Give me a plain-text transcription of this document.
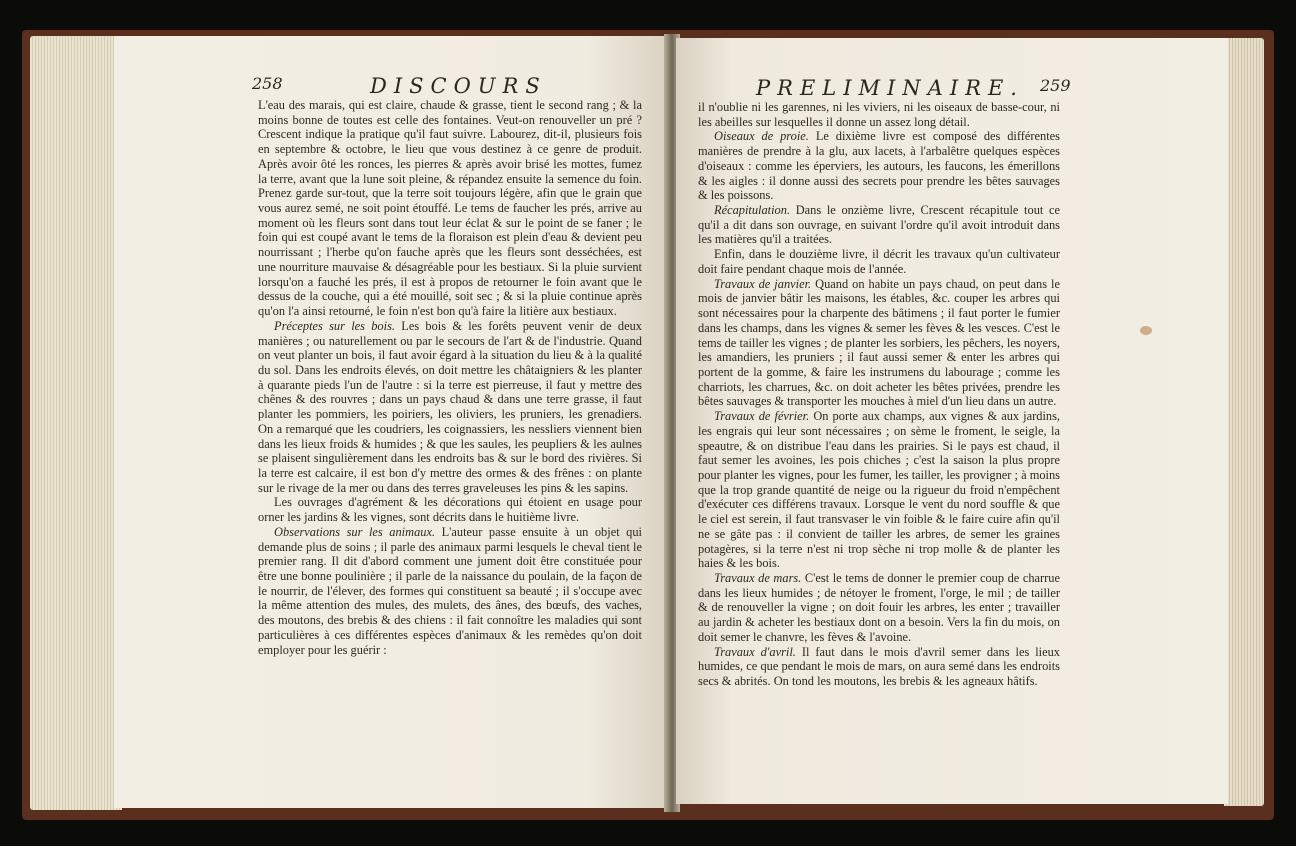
258	DISCOURS

L'eau des marais, qui est claire, chaude & grasse, tient le second rang ; & la moins bonne de toutes est celle des fontaines. Veut-on renouveller un pré ? Crescent indique la pratique qu'il faut suivre. Labourez, dit-il, plusieurs fois en septembre & octobre, le lieu que vous destinez à ce genre de produit. Après avoir ôté les ronces, les pierres & après avoir brisé les mottes, fumez la terre, avant que la lune soit pleine, & répandez ensuite la semence du foin. Prenez garde sur-tout, que la terre soit toujours légère, afin que le grain que vous aurez semé, ne soit point étouffé. Le tems de faucher les prés, arrive au moment où les fleurs sont dans tout leur éclat & sur le point de se faner ; le foin qui est coupé avant le tems de la floraison est plein d'eau & devient peu nourrissant ; l'herbe qu'on fauche après que les fleurs sont desséchées, est une nourriture mauvaise & désagréable pour les bestiaux. Si la pluie survient lorsqu'on a fauché les prés, il est à propos de retourner le foin avant que le dessus de la couche, qui a été mouillé, soit sec ; & si la pluie continue après qu'on l'a ainsi retourné, le foin n'est bon qu'à faire la litière aux bestiaux.

Préceptes sur les bois. Les bois & les forêts peuvent venir de deux manières ; ou naturellement ou par le secours de l'art & de l'industrie. Quand on veut planter un bois, il faut avoir égard à la situation du lieu & à la qualité du sol. Dans les endroits élevés, on doit mettre les châtaigniers & les planter à quarante pieds l'un de l'autre : si la terre est pierreuse, il faut y mettre des chênes & des rouvres ; dans un pays chaud & dans une terre grasse, il faut planter les pommiers, les poiriers, les oliviers, les pruniers, les grenadiers. On a remarqué que les coudriers, les coignassiers, les nessliers viennent bien dans les lieux froids & humides ; & que les saules, les peupliers & les aulnes se plaisent singulièrement dans les endroits bas & sur le bord des rivières. Si la terre est calcaire, il est bon d'y mettre des ormes & des frênes : on plante sur le rivage de la mer ou dans des terres graveleuses les pins & les sapins.

Les ouvrages d'agrément & les décorations qui étoient en usage pour orner les jardins & les vignes, sont décrits dans le huitième livre.

Observations sur les animaux. L'auteur passe ensuite à un objet qui demande plus de soins ; il parle des animaux parmi lesquels le cheval tient le premier rang. Il dit d'abord comment une jument doit être constituée pour être une bonne poulinière ; il parle de la naissance du poulain, de la façon de le nourrir, de l'élever, des formes qui constituent sa beauté ; il s'occupe avec la même attention des mules, des mulets, des ânes, des bœufs, des vaches, des moutons, des brebis & des chiens : il fait connoître les maladies qui sont particulières à ces différentes espèces d'animaux & les remèdes qu'on doit employer pour les guérir :

PRELIMINAIRE. 259

il n'oublie ni les garennes, ni les viviers, ni les oiseaux de basse-cour, ni les abeilles sur lesquelles il donne un assez long détail.

Oiseaux de proie. Le dixième livre est composé des différentes manières de prendre à la glu, aux lacets, à l'arbalêtre quelques espèces d'oiseaux : comme les éperviers, les autours, les faucons, les émerillons & les aigles : il donne aussi des secrets pour prendre les bêtes sauvages & les poissons.

Récapitulation. Dans le onzième livre, Crescent récapitule tout ce qu'il a dit dans son ouvrage, en suivant l'ordre qu'il avoit introduit dans les matières qu'il a traitées.

Enfin, dans le douzième livre, il décrit les travaux qu'un cultivateur doit faire pendant chaque mois de l'année.

Travaux de janvier. Quand on habite un pays chaud, on peut dans le mois de janvier bâtir les maisons, les étables, &c. couper les arbres qui sont nécessaires pour la charpente des bâtimens ; il faut porter le fumier dans les champs, dans les vignes & semer les fèves & les vesces. C'est le tems de tailler les vignes ; de planter les sorbiers, les pêchers, les noyers, les amandiers, les pruniers ; il faut aussi semer & enter les arbres qui portent de la gomme, & faire les instrumens du labourage ; comme les charriots, les charrues, &c. on doit acheter les bêtes privées, prendre les bêtes sauvages & transporter les mouches à miel d'un lieu dans un autre.

Travaux de février. On porte aux champs, aux vignes & aux jardins, les engrais qui leur sont nécessaires ; on sème le froment, le seigle, la speautre, & on distribue l'eau dans les prairies. Si le pays est chaud, il faut semer les avoines, les pois chiches ; c'est la saison la plus propre pour planter les vignes, pour les fumer, les tailler, les provigner ; à moins que la trop grande quantité de neige ou la rigueur du froid n'empêchent d'exécuter ces différens travaux. Lorsque le vent du nord souffle & que le ciel est serein, il faut transvaser le vin foible & le faire cuire afin qu'il ne se gâte pas : il convient de tailler les arbres, de semer les graines potagères, si la terre n'est ni trop sèche ni trop molle & de planter les haies & les bois.

Travaux de mars. C'est le tems de donner le premier coup de charrue dans les lieux humides ; de nétoyer le froment, l'orge, le mil ; de tailler & de renouveller la vigne ; on doit fouir les arbres, les enter ; travailler au jardin & acheter les bestiaux dont on a besoin. Vers la fin du mois, on doit semer le chanvre, les fèves & l'avoine.

Travaux d'avril. Il faut dans le mois d'avril semer dans les lieux humides, ce que pendant le mois de mars, on aura semé dans les endroits secs & abrités. On tond les moutons, les brebis & les agneaux hâtifs.
